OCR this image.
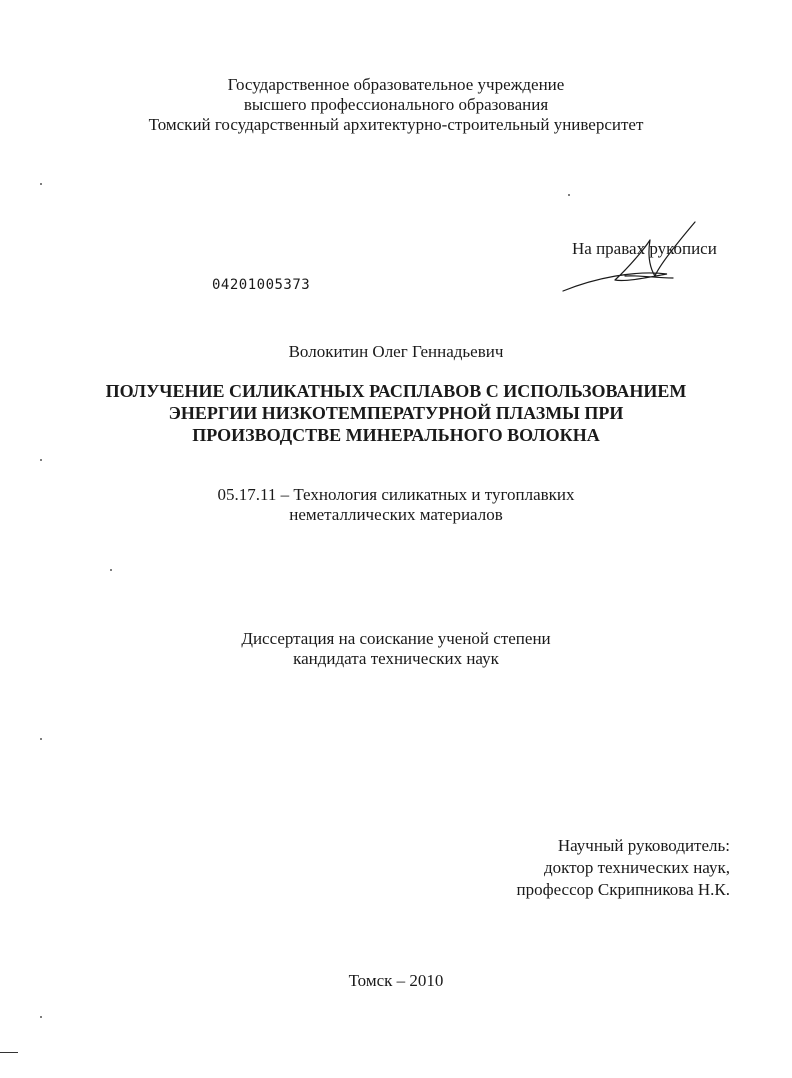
Государственное образовательное учреждение
высшего профессионального образования
Томский государственный архитектурно-строительный университет
На правах рукописи
04201005373
Волокитин Олег Геннадьевич
ПОЛУЧЕНИЕ СИЛИКАТНЫХ РАСПЛАВОВ С ИСПОЛЬЗОВАНИЕМ
ЭНЕРГИИ НИЗКОТЕМПЕРАТУРНОЙ ПЛАЗМЫ ПРИ
ПРОИЗВОДСТВЕ МИНЕРАЛЬНОГО ВОЛОКНА
05.17.11 – Технология силикатных и тугоплавких
неметаллических материалов
Диссертация на соискание ученой степени
кандидата технических наук
Научный руководитель:
доктор технических наук,
профессор Скрипникова Н.К.
Томск – 2010
